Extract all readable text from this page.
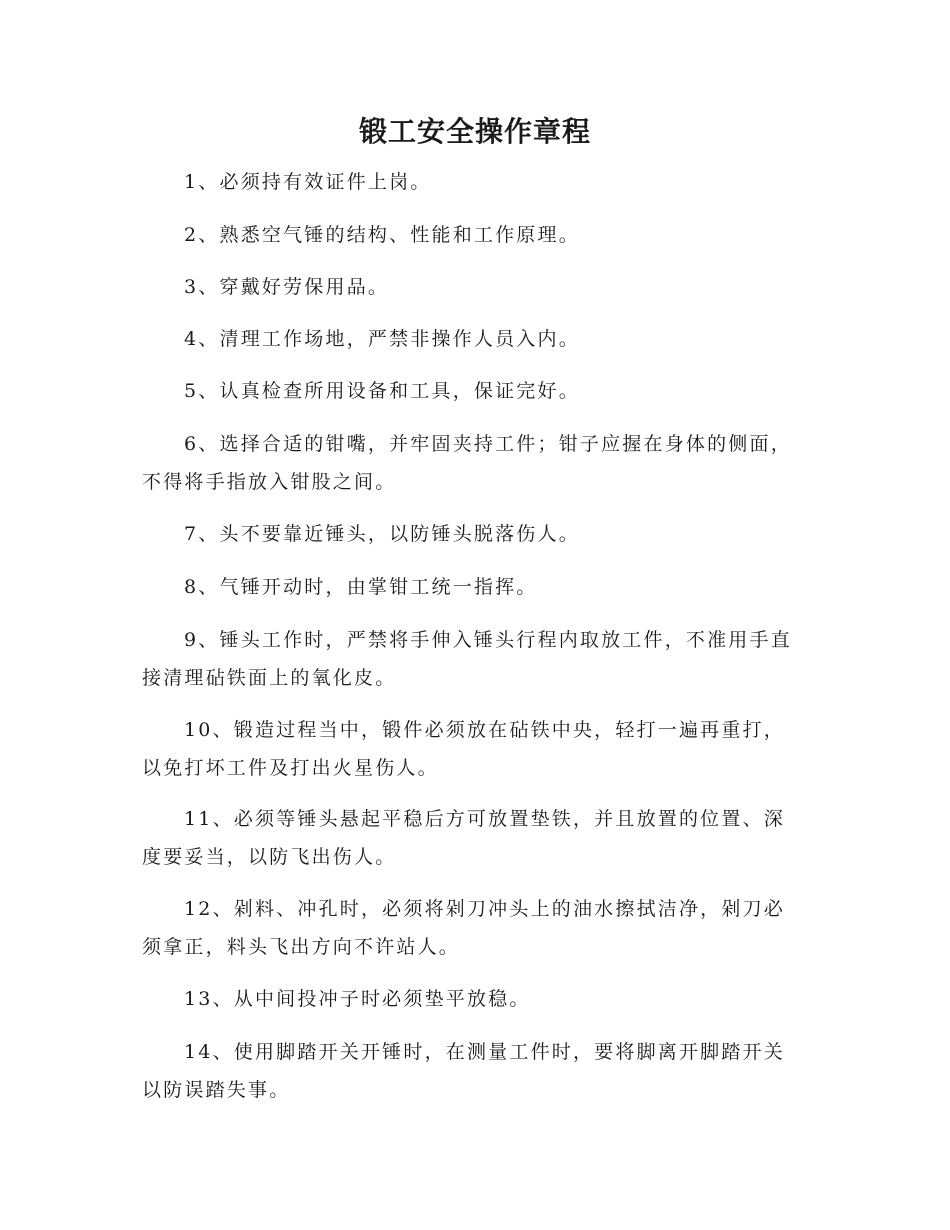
锻工安全操作章程
1、必须持有效证件上岗。
2、熟悉空气锤的结构、性能和工作原理。
3、穿戴好劳保用品。
4、清理工作场地，严禁非操作人员入内。
5、认真检查所用设备和工具，保证完好。
6、选择合适的钳嘴，并牢固夹持工件；钳子应握在身体的侧面，
不得将手指放入钳股之间。
7、头不要靠近锤头，以防锤头脱落伤人。
8、气锤开动时，由掌钳工统一指挥。
9、锤头工作时，严禁将手伸入锤头行程内取放工件，不准用手直
接清理砧铁面上的氧化皮。
10、锻造过程当中，锻件必须放在砧铁中央，轻打一遍再重打，
以免打坏工件及打出火星伤人。
11、必须等锤头悬起平稳后方可放置垫铁，并且放置的位置、深
度要妥当，以防飞出伤人。
12、剁料、冲孔时，必须将剁刀冲头上的油水擦拭洁净，剁刀必
须拿正，料头飞出方向不许站人。
13、从中间投冲子时必须垫平放稳。
14、使用脚踏开关开锤时，在测量工件时，要将脚离开脚踏开关
以防误踏失事。
